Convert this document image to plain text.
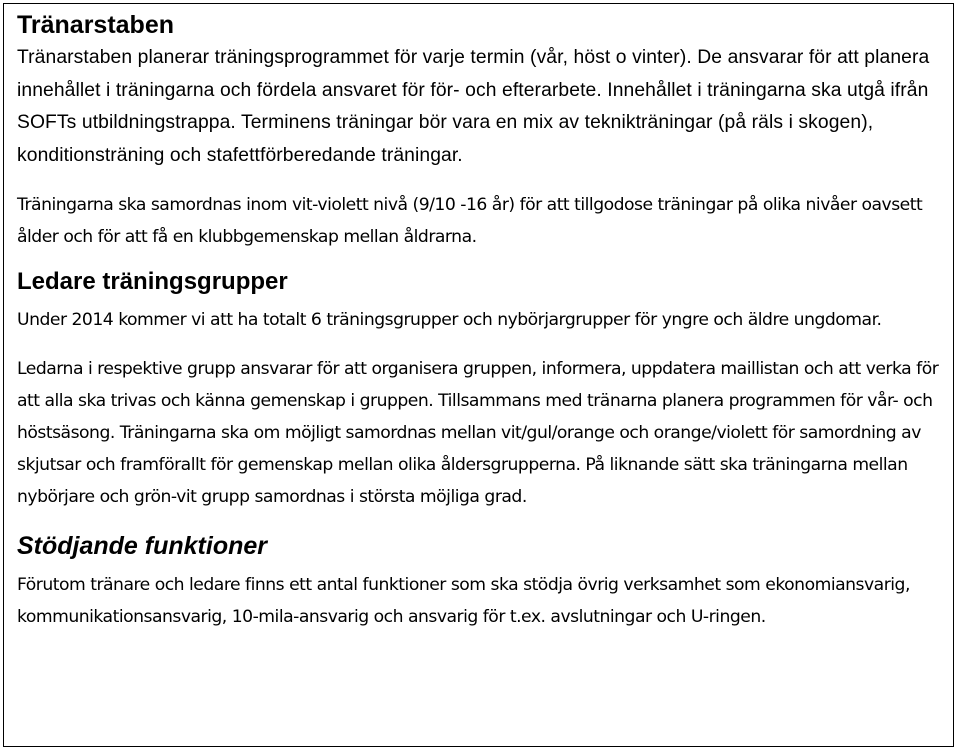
Tränarstaben

Tränarstaben planerar träningsprogrammet för varje termin (vår, höst o vinter). De ansvarar för att planera innehållet i träningarna och fördela ansvaret för för- och efterarbete. Innehållet i träningarna ska utgå ifrån SOFTs utbildningstrappa. Terminens träningar bör vara en mix av teknikträningar (på räls i skogen), konditionsträning och stafettförberedande träningar.

Träningarna ska samordnas inom vit-violett nivå (9/10 -16 år) för att tillgodose träningar på olika nivåer oavsett ålder och för att få en klubbgemenskap mellan åldrarna.

Ledare träningsgrupper

Under 2014 kommer vi att ha totalt 6 träningsgrupper och nybörjargrupper för yngre och äldre ungdomar.

Ledarna i respektive grupp ansvarar för att organisera gruppen, informera, uppdatera maillistan och att verka för att alla ska trivas och känna gemenskap i gruppen. Tillsammans med tränarna planera programmen för vår- och höstsäsong. Träningarna ska om möjligt samordnas mellan vit/gul/orange och orange/violett för samordning av skjutsar och framförallt för gemenskap mellan olika åldersgrupperna. På liknande sätt ska träningarna mellan nybörjare och grön-vit grupp samordnas i största möjliga grad.

Stödjande funktioner

Förutom tränare och ledare finns ett antal funktioner som ska stödja övrig verksamhet som ekonomiansvarig, kommunikationsansvarig, 10-mila-ansvarig och ansvarig för t.ex. avslutningar och U-ringen.
